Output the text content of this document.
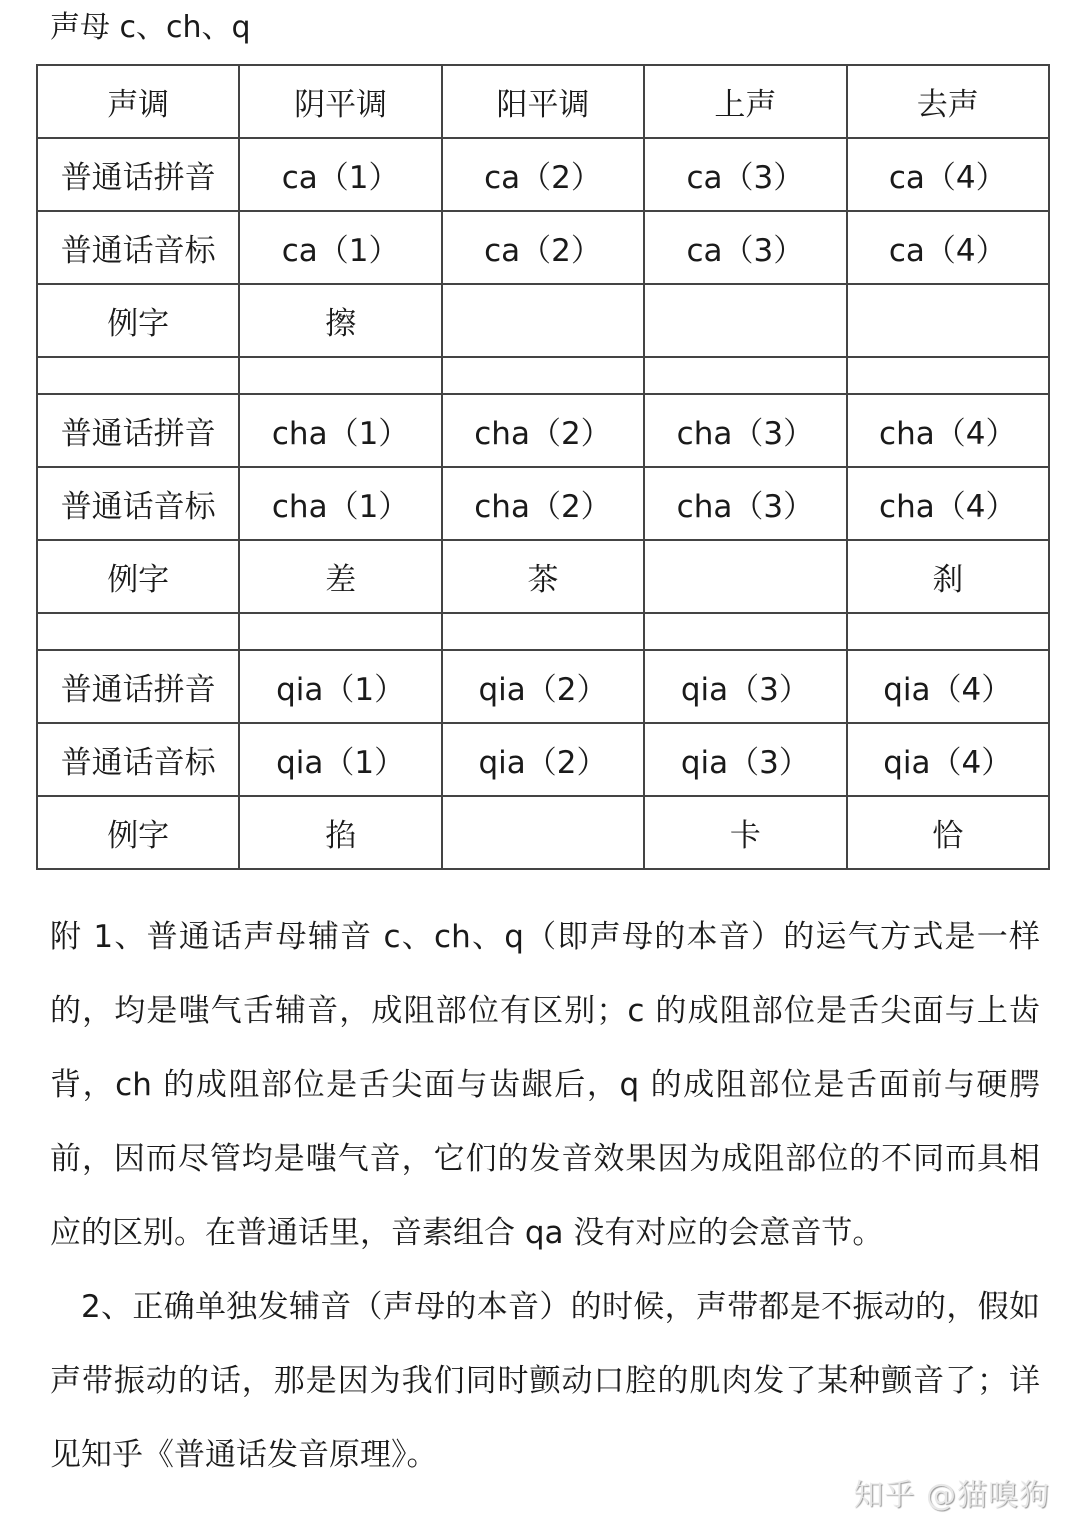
声母 c、ch、q
声调	阴平调	阳平调	上声	去声
普通话拼音	ca（1）	ca（2）	ca（3）	ca（4）
普通话音标	ca（1）	ca（2）	ca（3）	ca（4）
例字	擦			

普通话拼音	cha（1）	cha（2）	cha（3）	cha（4）
普通话音标	cha（1）	cha（2）	cha（3）	cha（4）
例字	差	茶		刹

普通话拼音	qia（1）	qia（2）	qia（3）	qia（4）
普通话音标	qia（1）	qia（2）	qia（3）	qia（4）
例字	掐		卡	恰

附 1、普通话声母辅音 c、ch、q（即声母的本音）的运气方式是一样的，均是嗤气舌辅音，成阻部位有区别；c 的成阻部位是舌尖面与上齿背，ch 的成阻部位是舌尖面与齿龈后，q 的成阻部位是舌面前与硬腭前，因而尽管均是嗤气音，它们的发音效果因为成阻部位的不同而具相应的区别。在普通话里，音素组合 qa 没有对应的会意音节。

2、正确单独发辅音（声母的本音）的时候，声带都是不振动的，假如声带振动的话，那是因为我们同时颤动口腔的肌肉发了某种颤音了；详见知乎《普通话发音原理》。

知乎 @猫嗅狗
